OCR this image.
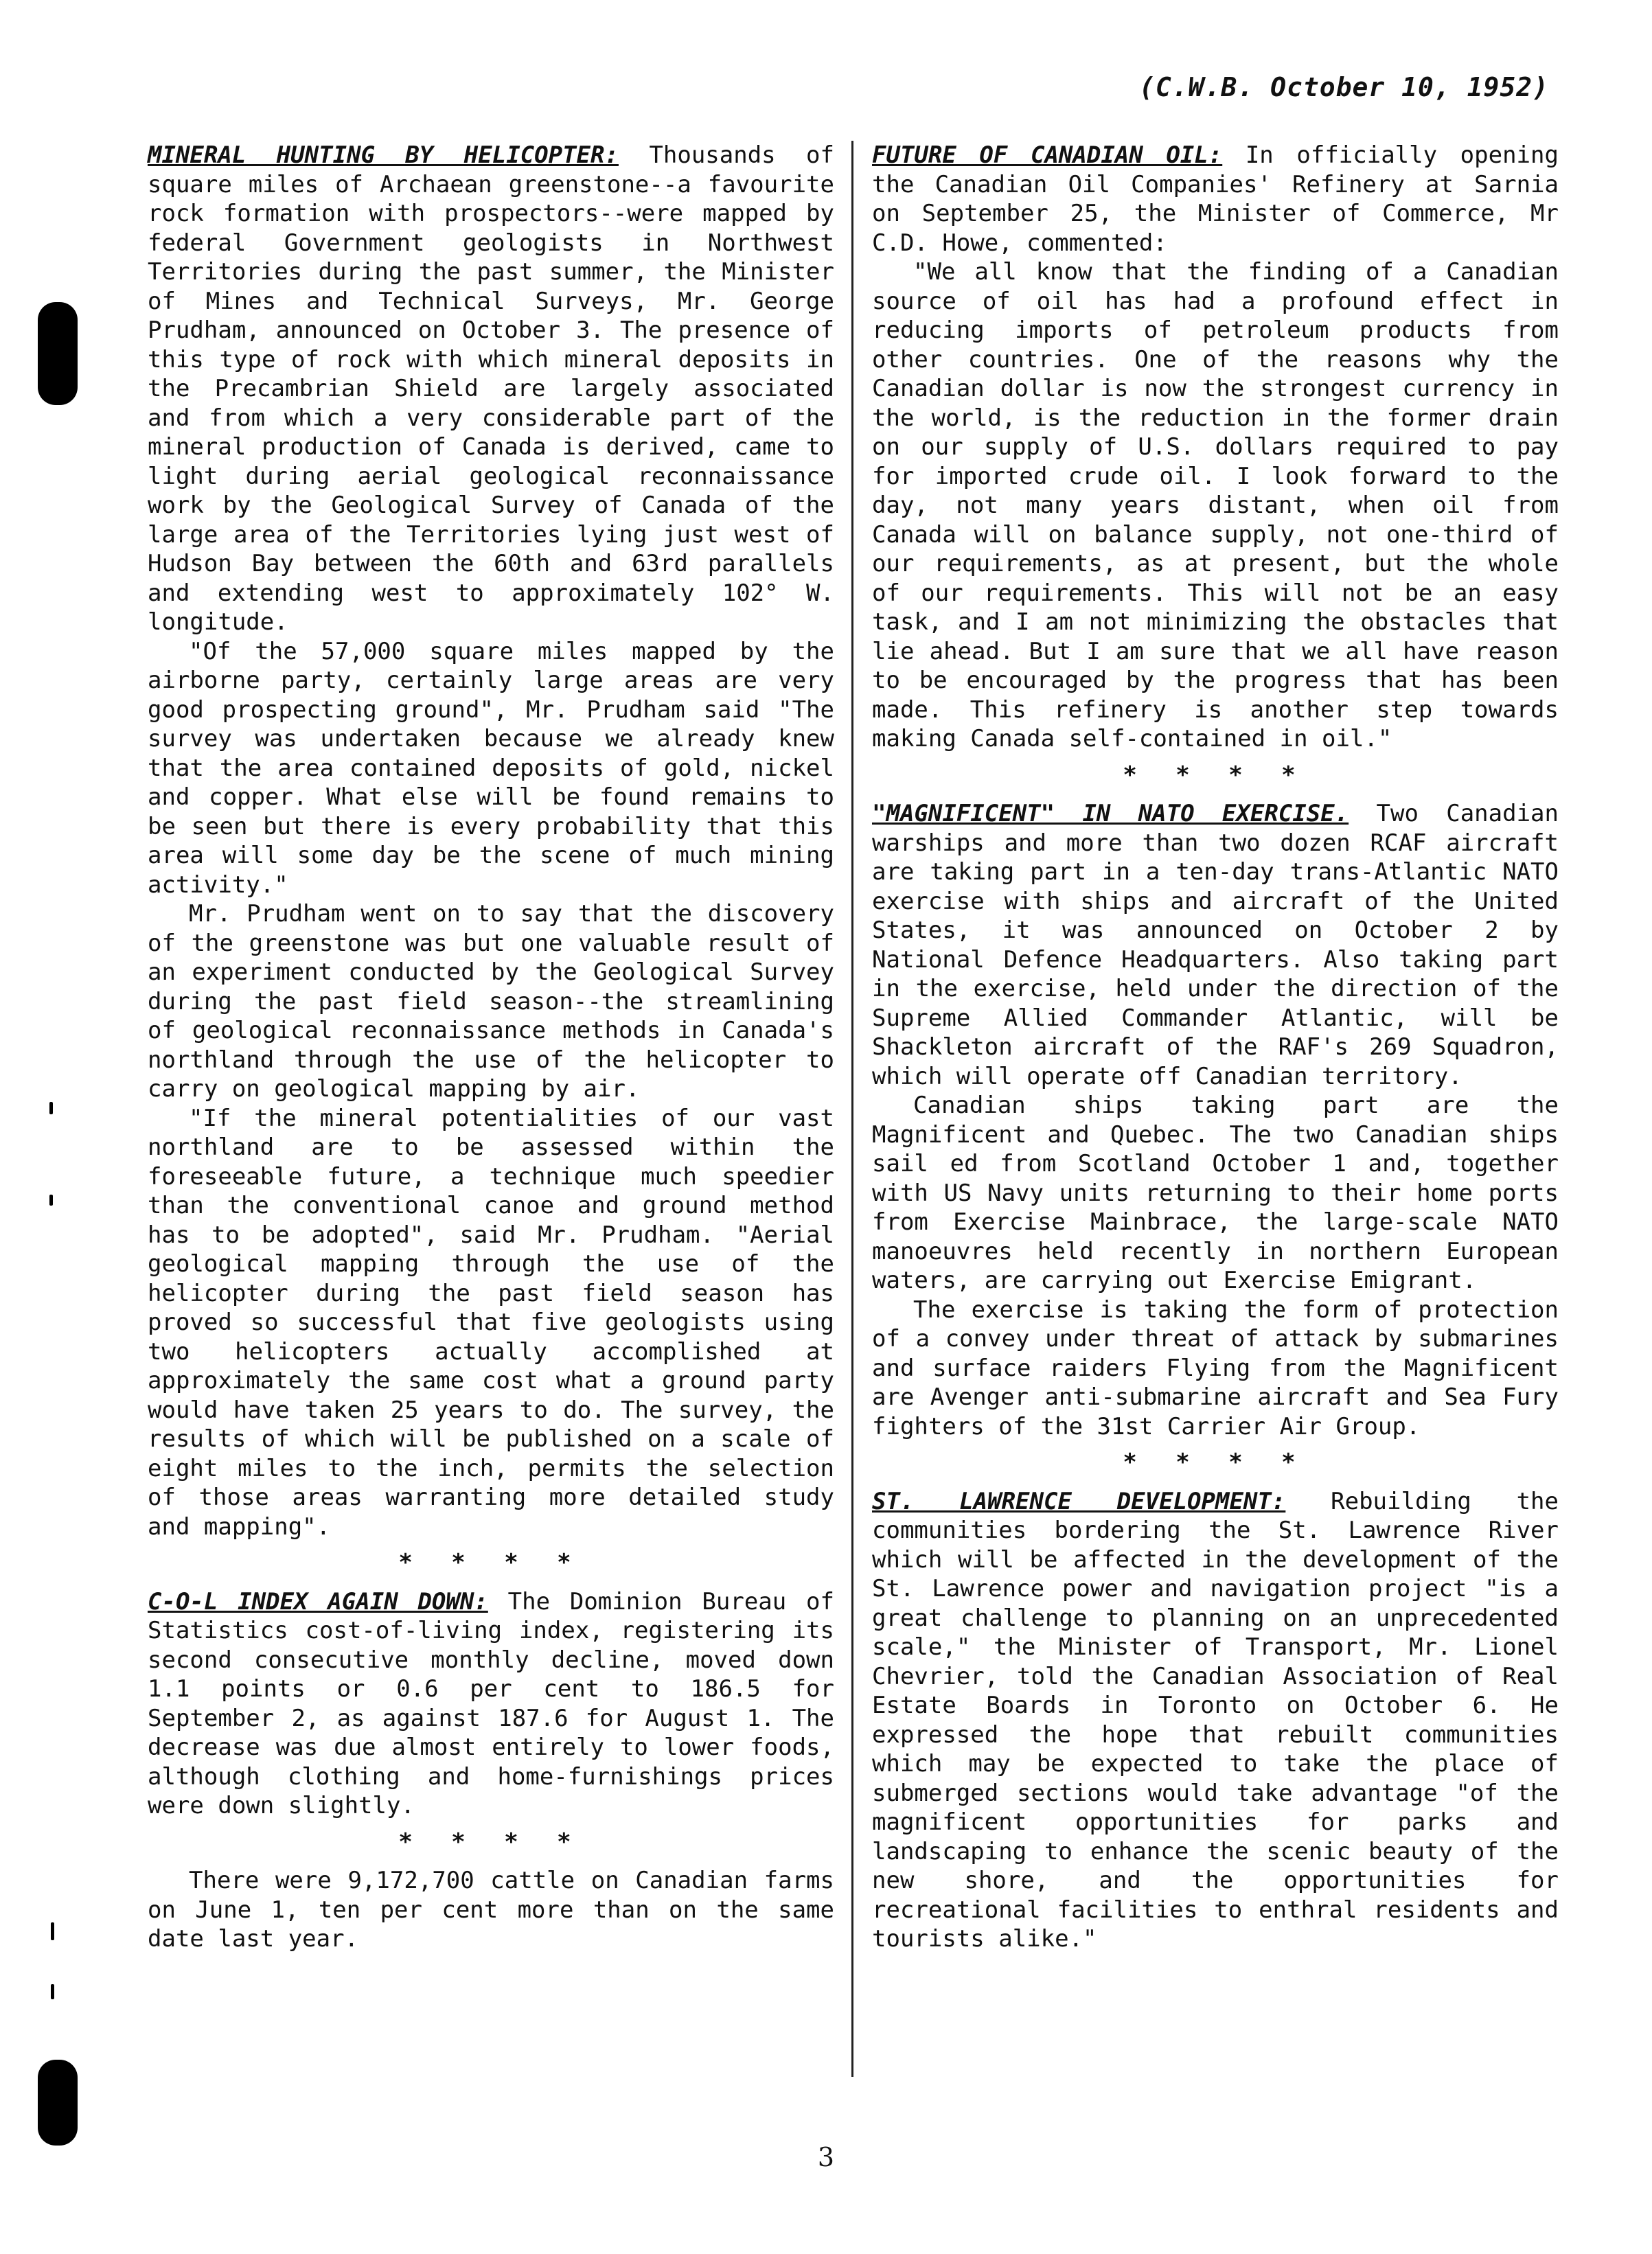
(C.W.B. October 10, 1952)

MINERAL HUNTING BY HELICOPTER: Thousands of square miles of Archaean greenstone--a favourite rock formation with prospectors--were mapped by federal Government geologists in Northwest Territories during the past summer, the Minister of Mines and Technical Surveys, Mr. George Prudham, announced on October 3. The presence of this type of rock with which mineral deposits in the Precambrian Shield are largely associated and from which a very considerable part of the mineral production of Canada is derived, came to light during aerial geological reconnaissance work by the Geological Survey of Canada of the large area of the Territories lying just west of Hudson Bay between the 60th and 63rd parallels and extending west to approximately 102° W. longitude.

"Of the 57,000 square miles mapped by the airborne party, certainly large areas are very good prospecting ground", Mr. Prudham said "The survey was undertaken because we already knew that the area contained deposits of gold, nickel and copper. What else will be found remains to be seen but there is every probability that this area will some day be the scene of much mining activity."

Mr. Prudham went on to say that the discovery of the greenstone was but one valuable result of an experiment conducted by the Geological Survey during the past field season--the streamlining of geological reconnaissance methods in Canada's northland through the use of the helicopter to carry on geological mapping by air.

"If the mineral potentialities of our vast northland are to be assessed within the foreseeable future, a technique much speedier than the conventional canoe and ground method has to be adopted", said Mr. Prudham. "Aerial geological mapping through the use of the helicopter during the past field season has proved so successful that five geologists using two helicopters actually accomplished at approximately the same cost what a ground party would have taken 25 years to do. The survey, the results of which will be published on a scale of eight miles to the inch, permits the selection of those areas warranting more detailed study and mapping".

* * * *

C-O-L INDEX AGAIN DOWN: The Dominion Bureau of Statistics cost-of-living index, registering its second consecutive monthly decline, moved down 1.1 points or 0.6 per cent to 186.5 for September 2, as against 187.6 for August 1. The decrease was due almost entirely to lower foods, although clothing and home-furnishings prices were down slightly.

* * * *

There were 9,172,700 cattle on Canadian farms on June 1, ten per cent more than on the same date last year.

FUTURE OF CANADIAN OIL: In officially opening the Canadian Oil Companies' Refinery at Sarnia on September 25, the Minister of Commerce, Mr C.D. Howe, commented:

"We all know that the finding of a Canadian source of oil has had a profound effect in reducing imports of petroleum products from other countries. One of the reasons why the Canadian dollar is now the strongest currency in the world, is the reduction in the former drain on our supply of U.S. dollars required to pay for imported crude oil. I look forward to the day, not many years distant, when oil from Canada will on balance supply, not one-third of our requirements, as at present, but the whole of our requirements. This will not be an easy task, and I am not minimizing the obstacles that lie ahead. But I am sure that we all have reason to be encouraged by the progress that has been made. This refinery is another step towards making Canada self-contained in oil."

* * * *

"MAGNIFICENT" IN NATO EXERCISE. Two Canadian warships and more than two dozen RCAF aircraft are taking part in a ten-day trans-Atlantic NATO exercise with ships and aircraft of the United States, it was announced on October 2 by National Defence Headquarters. Also taking part in the exercise, held under the direction of the Supreme Allied Commander Atlantic, will be Shackleton aircraft of the RAF's 269 Squadron, which will operate off Canadian territory.

Canadian ships taking part are the Magnificent and Quebec. The two Canadian ships sail ed from Scotland October 1 and, together with US Navy units returning to their home ports from Exercise Mainbrace, the large-scale NATO manoeuvres held recently in northern European waters, are carrying out Exercise Emigrant.

The exercise is taking the form of protection of a convey under threat of attack by submarines and surface raiders Flying from the Magnificent are Avenger anti-submarine aircraft and Sea Fury fighters of the 31st Carrier Air Group.

* * * *

ST. LAWRENCE DEVELOPMENT: Rebuilding the communities bordering the St. Lawrence River which will be affected in the development of the St. Lawrence power and navigation project "is a great challenge to planning on an unprecedented scale," the Minister of Transport, Mr. Lionel Chevrier, told the Canadian Association of Real Estate Boards in Toronto on October 6. He expressed the hope that rebuilt communities which may be expected to take the place of submerged sections would take advantage "of the magnificent opportunities for parks and landscaping to enhance the scenic beauty of the new shore, and the opportunities for recreational facilities to enthral residents and tourists alike."

3
